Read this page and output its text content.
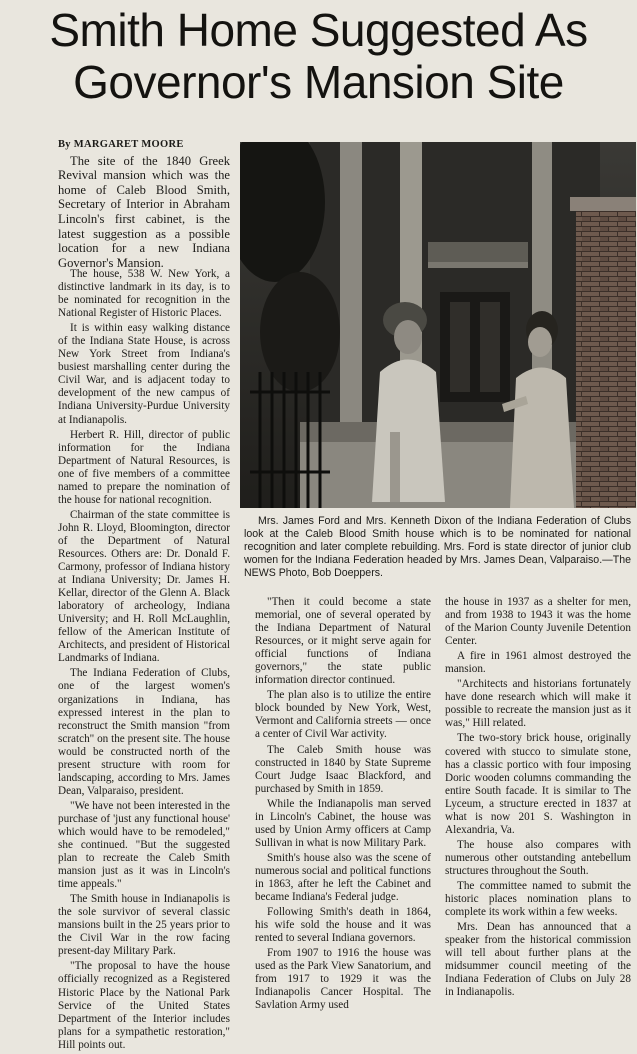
Smith Home Suggested As
Governor's Mansion Site

By MARGARET MOORE

The site of the 1840 Greek Revival mansion which was the home of Caleb Blood Smith, Secretary of Interior in Abraham Lincoln's first cabinet, is the latest suggestion as a possible location for a new Indiana Governor's Mansion.

The house, 538 W. New York, a distinctive landmark in its day, is to be nominated for recognition in the National Register of Historic Places.

It is within easy walking distance of the Indiana State House, is across New York Street from Indiana's busiest marshalling center during the Civil War, and is adjacent today to development of the new campus of Indiana University-Purdue University at Indianapolis.

Herbert R. Hill, director of public information for the Indiana Department of Natural Resources, is one of five members of a committee named to prepare the nomination of the house for national recognition.

Chairman of the state committee is John R. Lloyd, Bloomington, director of the Department of Natural Resources. Others are: Dr. Donald F. Carmony, professor of Indiana history at Indiana University; Dr. James H. Kellar, director of the Glenn A. Black laboratory of archeology, Indiana University; and H. Roll McLaughlin, fellow of the American Institute of Architects, and president of Historical Landmarks of Indiana.

The Indiana Federation of Clubs, one of the largest women's organizations in Indiana, has expressed interest in the plan to reconstruct the Smith mansion "from scratch" on the present site. The house would be constructed north of the present structure with room for landscaping, according to Mrs. James Dean, Valparaiso, president.

"We have not been interested in the purchase of 'just any functional house' which would have to be remodeled," she continued. "But the suggested plan to recreate the Caleb Smith mansion just as it was in Lincoln's time appeals."

The Smith house in Indianapolis is the sole survivor of several classic mansions built in the 25 years prior to the Civil War in the row facing present-day Military Park.

"The proposal to have the house officially recognized as a Registered Historic Place by the National Park Service of the United States Department of the Interior includes plans for a sympathetic restoration," Hill points out.

Mrs. James Ford and Mrs. Kenneth Dixon of the Indiana Federation of Clubs look at the Caleb Blood Smith house which is to be nominated for national recognition and later complete rebuilding. Mrs. Ford is state director of junior club women for the Indiana Federation headed by Mrs. James Dean, Valparaiso.—The NEWS Photo, Bob Doeppers.

"Then it could become a state memorial, one of several operated by the Indiana Department of Natural Resources, or it might serve again for official functions of Indiana governors," the state public information director continued.

The plan also is to utilize the entire block bounded by New York, West, Vermont and California streets — once a center of Civil War activity.

The Caleb Smith house was constructed in 1840 by State Supreme Court Judge Isaac Blackford, and purchased by Smith in 1859.

While the Indianapolis man served in Lincoln's Cabinet, the house was used by Union Army officers at Camp Sullivan in what is now Military Park.

Smith's house also was the scene of numerous social and political functions in 1863, after he left the Cabinet and became Indiana's Federal judge.

Following Smith's death in 1864, his wife sold the house and it was rented to several Indiana governors.

From 1907 to 1916 the house was used as the Park View Sanatorium, and from 1917 to 1929 it was the Indianapolis Cancer Hospital. The Savlation Army used

the house in 1937 as a shelter for men, and from 1938 to 1943 it was the home of the Marion County Juvenile Detention Center.

A fire in 1961 almost destroyed the mansion.

"Architects and historians fortunately have done research which will make it possible to recreate the mansion just as it was," Hill related.

The two-story brick house, originally covered with stucco to simulate stone, has a classic portico with four imposing Doric wooden columns commanding the entire South facade. It is similar to The Lyceum, a structure erected in 1837 at what is now 201 S. Washington in Alexandria, Va.

The house also compares with numerous other outstanding antebellum structures throughout the South.

The committee named to submit the historic places nomination plans to complete its work within a few weeks.

Mrs. Dean has announced that a speaker from the historical commission will tell about further plans at the midsummer council meeting of the Indiana Federation of Clubs on July 28 in Indianapolis.
